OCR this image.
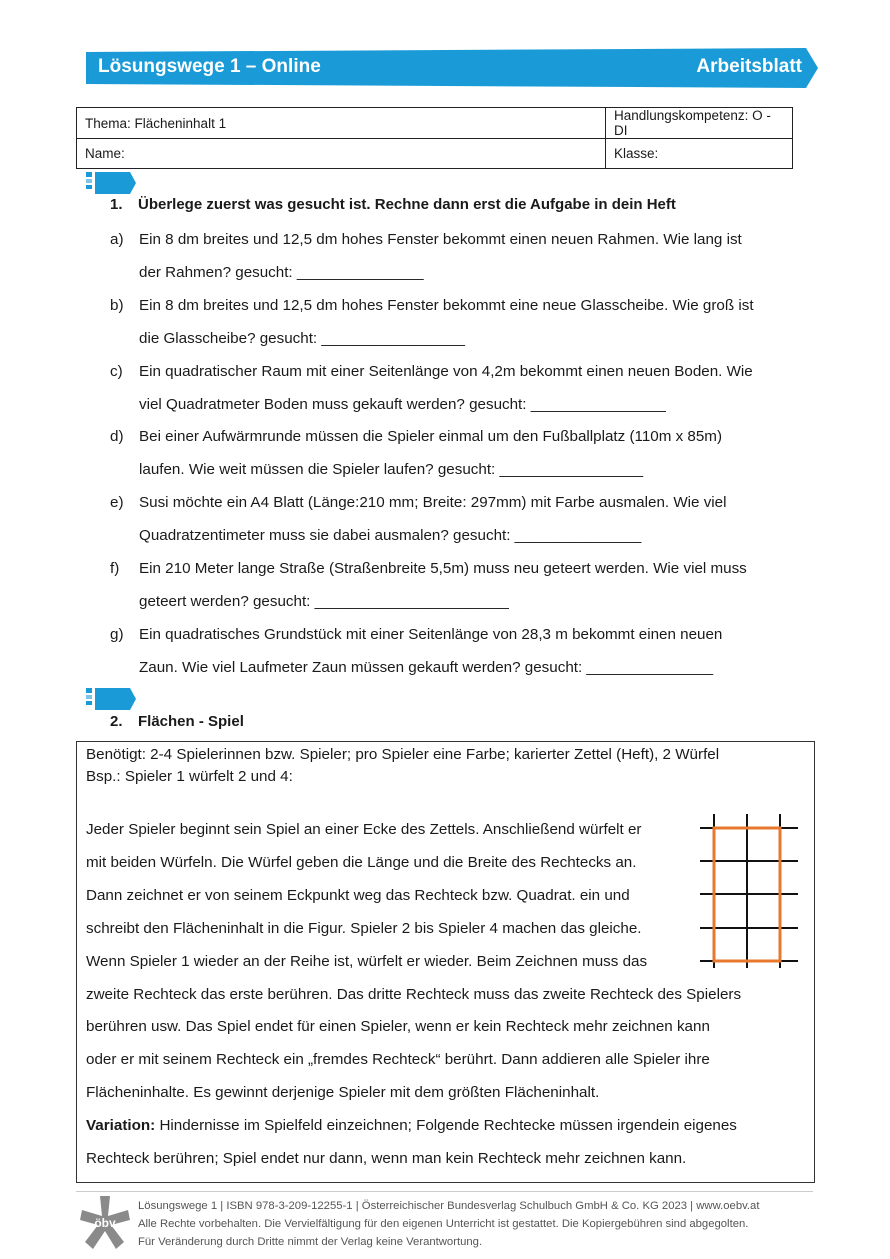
Lösungswege 1 – Online	Arbeitsblatt
Thema: Flächeninhalt 1	Handlungskompetenz: O - DI
Name:	Klasse:
1. Überlege zuerst was gesucht ist. Rechne dann erst die Aufgabe in dein Heft
a)	Ein 8 dm breites und 12,5 dm hohes Fenster bekommt einen neuen Rahmen. Wie lang ist
der Rahmen? gesucht: _______________
b)	Ein 8 dm breites und 12,5 dm hohes Fenster bekommt eine neue Glasscheibe. Wie groß ist
die Glasscheibe? gesucht: _________________
c)	Ein quadratischer Raum mit einer Seitenlänge von 4,2m bekommt einen neuen Boden. Wie
viel Quadratmeter Boden muss gekauft werden? gesucht: ________________
d)	Bei einer Aufwärmrunde müssen die Spieler einmal um den Fußballplatz (110m x 85m)
laufen. Wie weit müssen die Spieler laufen? gesucht: _________________
e)	Susi möchte ein A4 Blatt (Länge:210 mm; Breite: 297mm) mit Farbe ausmalen. Wie viel
Quadratzentimeter muss sie dabei ausmalen? gesucht: _______________
f)	Ein 210 Meter lange Straße (Straßenbreite 5,5m) muss neu geteert werden. Wie viel muss
geteert werden? gesucht: _______________________
g)	Ein quadratisches Grundstück mit einer Seitenlänge von 28,3 m bekommt einen neuen
Zaun. Wie viel Laufmeter Zaun müssen gekauft werden? gesucht: _______________
2. Flächen - Spiel
Benötigt: 2-4 Spielerinnen bzw. Spieler; pro Spieler eine Farbe; karierter Zettel (Heft), 2 Würfel
Bsp.: Spieler 1 würfelt 2 und 4:
Jeder Spieler beginnt sein Spiel an einer Ecke des Zettels. Anschließend würfelt er
mit beiden Würfeln. Die Würfel geben die Länge und die Breite des Rechtecks an.
Dann zeichnet er von seinem Eckpunkt weg das Rechteck bzw. Quadrat. ein und
schreibt den Flächeninhalt in die Figur. Spieler 2 bis Spieler 4 machen das gleiche.
Wenn Spieler 1 wieder an der Reihe ist, würfelt er wieder. Beim Zeichnen muss das
zweite Rechteck das erste berühren. Das dritte Rechteck muss das zweite Rechteck des Spielers
berühren usw. Das Spiel endet für einen Spieler, wenn er kein Rechteck mehr zeichnen kann
oder er mit seinem Rechteck ein „fremdes Rechteck“ berührt. Dann addieren alle Spieler ihre
Flächeninhalte. Es gewinnt derjenige Spieler mit dem größten Flächeninhalt.
Variation: Hindernisse im Spielfeld einzeichnen; Folgende Rechtecke müssen irgendein eigenes
Rechteck berühren; Spiel endet nur dann, wenn man kein Rechteck mehr zeichnen kann.
öbv
Lösungswege 1 | ISBN 978-3-209-12255-1 | Österreichischer Bundesverlag Schulbuch GmbH & Co. KG 2023 | www.oebv.at
Alle Rechte vorbehalten. Die Vervielfältigung für den eigenen Unterricht ist gestattet. Die Kopiergebühren sind abgegolten.
Für Veränderung durch Dritte nimmt der Verlag keine Verantwortung.
